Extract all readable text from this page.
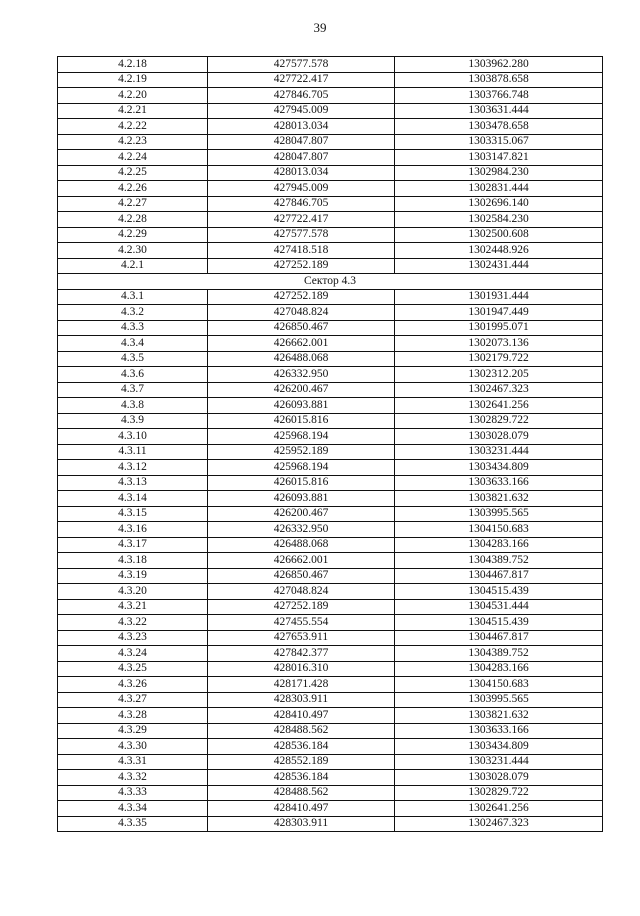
39
4.2.18	427577.578	1303962.280
4.2.19	427722.417	1303878.658
4.2.20	427846.705	1303766.748
4.2.21	427945.009	1303631.444
4.2.22	428013.034	1303478.658
4.2.23	428047.807	1303315.067
4.2.24	428047.807	1303147.821
4.2.25	428013.034	1302984.230
4.2.26	427945.009	1302831.444
4.2.27	427846.705	1302696.140
4.2.28	427722.417	1302584.230
4.2.29	427577.578	1302500.608
4.2.30	427418.518	1302448.926
4.2.1	427252.189	1302431.444
Сектор 4.3		
4.3.1	427252.189	1301931.444
4.3.2	427048.824	1301947.449
4.3.3	426850.467	1301995.071
4.3.4	426662.001	1302073.136
4.3.5	426488.068	1302179.722
4.3.6	426332.950	1302312.205
4.3.7	426200.467	1302467.323
4.3.8	426093.881	1302641.256
4.3.9	426015.816	1302829.722
4.3.10	425968.194	1303028.079
4.3.11	425952.189	1303231.444
4.3.12	425968.194	1303434.809
4.3.13	426015.816	1303633.166
4.3.14	426093.881	1303821.632
4.3.15	426200.467	1303995.565
4.3.16	426332.950	1304150.683
4.3.17	426488.068	1304283.166
4.3.18	426662.001	1304389.752
4.3.19	426850.467	1304467.817
4.3.20	427048.824	1304515.439
4.3.21	427252.189	1304531.444
4.3.22	427455.554	1304515.439
4.3.23	427653.911	1304467.817
4.3.24	427842.377	1304389.752
4.3.25	428016.310	1304283.166
4.3.26	428171.428	1304150.683
4.3.27	428303.911	1303995.565
4.3.28	428410.497	1303821.632
4.3.29	428488.562	1303633.166
4.3.30	428536.184	1303434.809
4.3.31	428552.189	1303231.444
4.3.32	428536.184	1303028.079
4.3.33	428488.562	1302829.722
4.3.34	428410.497	1302641.256
4.3.35	428303.911	1302467.323
